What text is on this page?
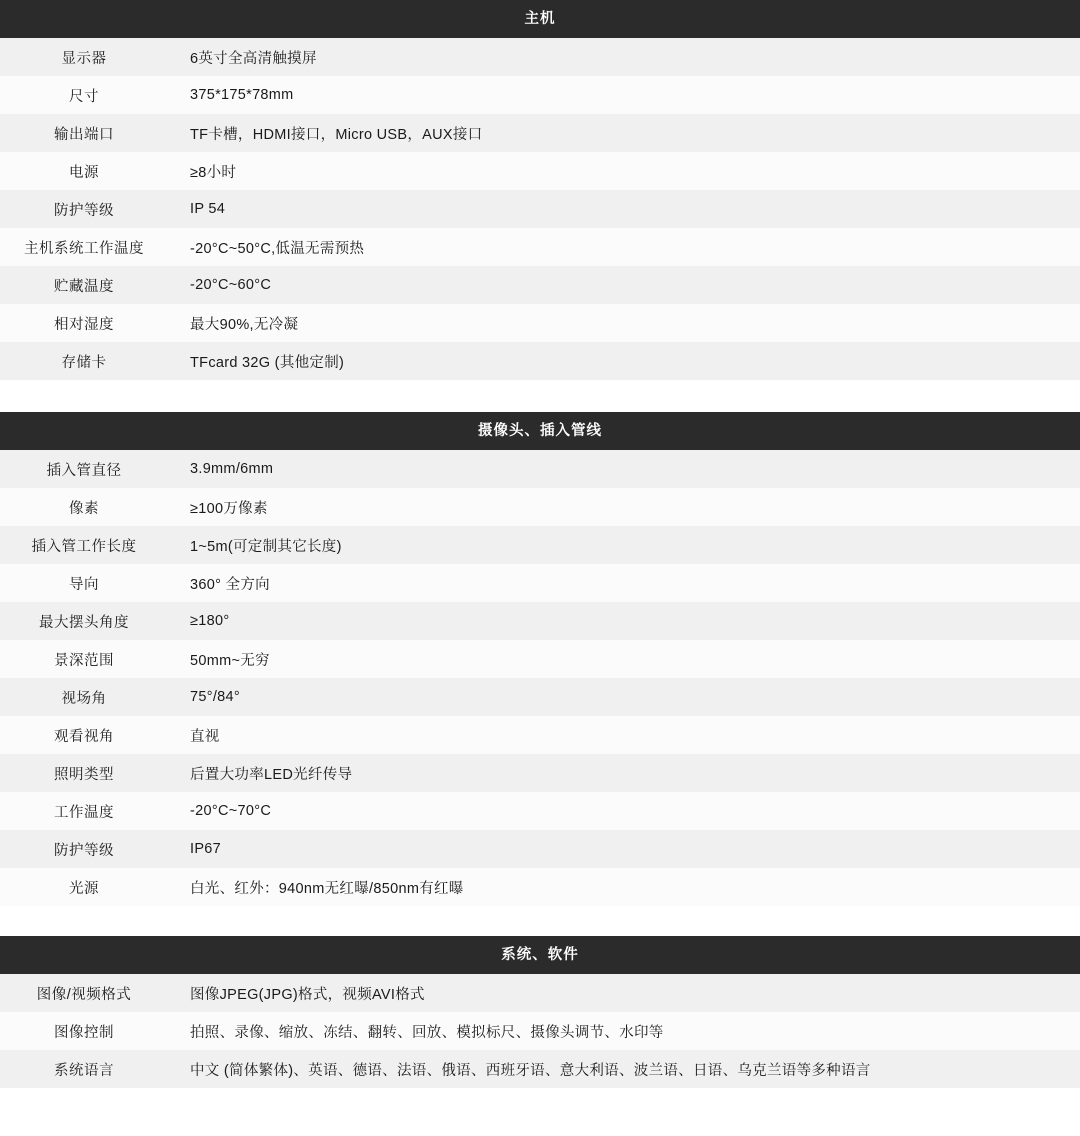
主机	
显示器	6英寸全高清触摸屏
尺寸	375*175*78mm
输出端口	TF卡槽，HDMI接口，Micro USB，AUX接口
电源	≥8小时
防护等级	IP 54
主机系统工作温度	-20°C~50°C,低温无需预热
贮藏温度	-20°C~60°C
相对湿度	最大90%,无冷凝
存储卡	TFcard 32G (其他定制)
摄像头、插入管线	
插入管直径	3.9mm/6mm
像素	≥100万像素
插入管工作长度	1~5m(可定制其它长度)
导向	360° 全方向
最大摆头角度	≥180°
景深范围	50mm~无穷
视场角	75°/84°
观看视角	直视
照明类型	后置大功率LED光纤传导
工作温度	-20°C~70°C
防护等级	IP67
光源	白光、红外：940nm无红曝/850nm有红曝
系统、软件	
图像/视频格式	图像JPEG(JPG)格式，视频AVI格式
图像控制	拍照、录像、缩放、冻结、翻转、回放、模拟标尺、摄像头调节、水印等
系统语言	中文 (简体繁体)、英语、德语、法语、俄语、西班牙语、意大利语、波兰语、日语、乌克兰语等多种语言
